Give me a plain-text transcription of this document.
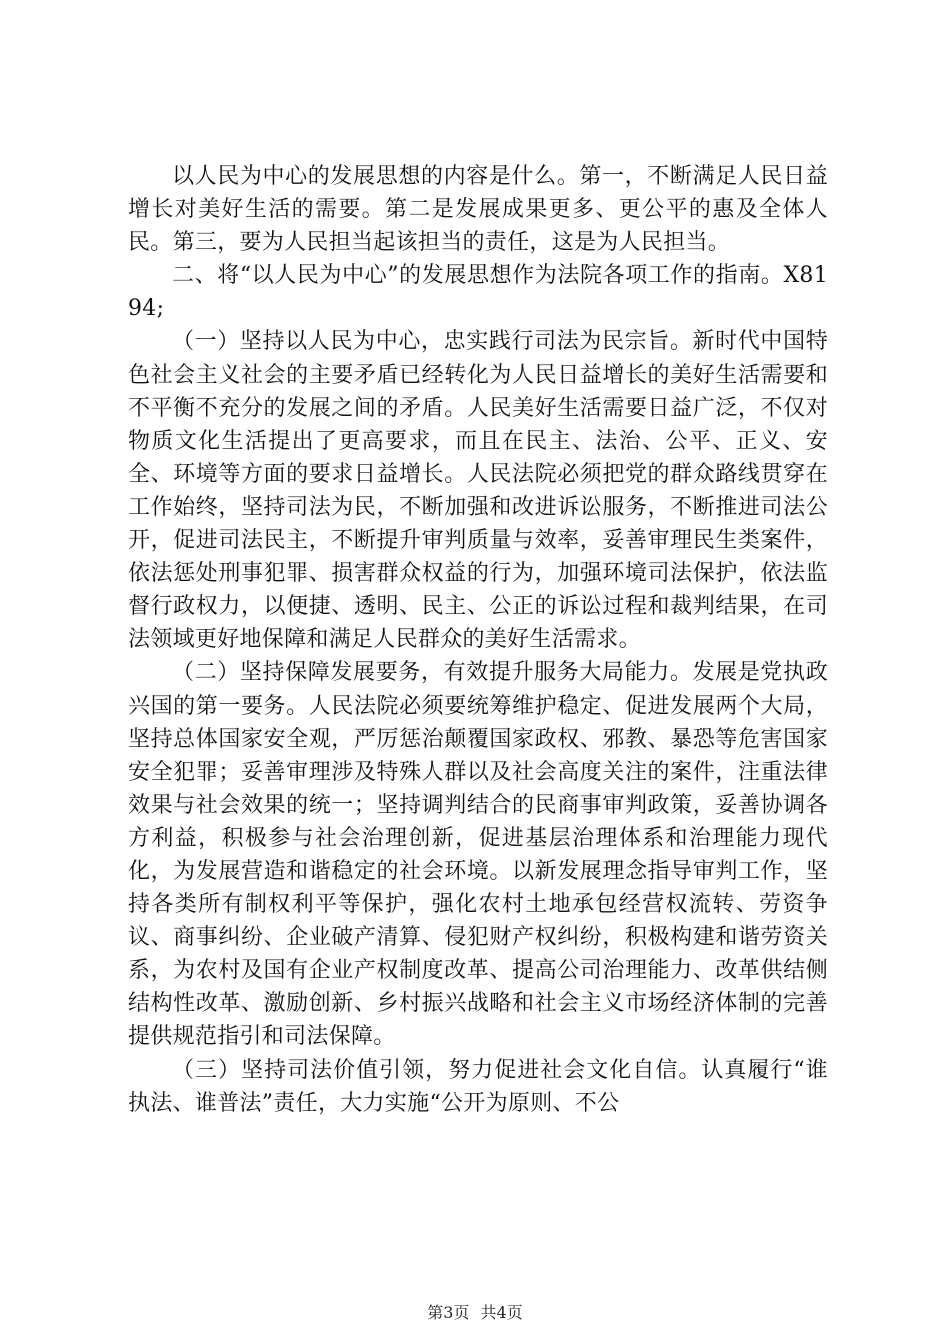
以人民为中心的发展思想的内容是什么。第一，不断满足人民日益增长对美好生活的需要。第二是发展成果更多、更公平的惠及全体人民。第三，要为人民担当起该担当的责任，这是为人民担当。

二、将“以人民为中心”的发展思想作为法院各项工作的指南。X8194;

（一）坚持以人民为中心，忠实践行司法为民宗旨。新时代中国特色社会主义社会的主要矛盾已经转化为人民日益增长的美好生活需要和不平衡不充分的发展之间的矛盾。人民美好生活需要日益广泛，不仅对物质文化生活提出了更高要求，而且在民主、法治、公平、正义、安全、环境等方面的要求日益增长。人民法院必须把党的群众路线贯穿在工作始终，坚持司法为民，不断加强和改进诉讼服务，不断推进司法公开，促进司法民主，不断提升审判质量与效率，妥善审理民生类案件，依法惩处刑事犯罪、损害群众权益的行为，加强环境司法保护，依法监督行政权力，以便捷、透明、民主、公正的诉讼过程和裁判结果，在司法领域更好地保障和满足人民群众的美好生活需求。

（二）坚持保障发展要务，有效提升服务大局能力。发展是党执政兴国的第一要务。人民法院必须要统筹维护稳定、促进发展两个大局，坚持总体国家安全观，严厉惩治颠覆国家政权、邪教、暴恐等危害国家安全犯罪；妥善审理涉及特殊人群以及社会高度关注的案件，注重法律效果与社会效果的统一；坚持调判结合的民商事审判政策，妥善协调各方利益，积极参与社会治理创新，促进基层治理体系和治理能力现代化，为发展营造和谐稳定的社会环境。以新发展理念指导审判工作，坚持各类所有制权利平等保护，强化农村土地承包经营权流转、劳资争议、商事纠纷、企业破产清算、侵犯财产权纠纷，积极构建和谐劳资关系，为农村及国有企业产权制度改革、提高公司治理能力、改革供结侧结构性改革、激励创新、乡村振兴战略和社会主义市场经济体制的完善提供规范指引和司法保障。

（三）坚持司法价值引领，努力促进社会文化自信。认真履行“谁执法、谁普法”责任，大力实施“公开为原则、不公

第3页 共4页
